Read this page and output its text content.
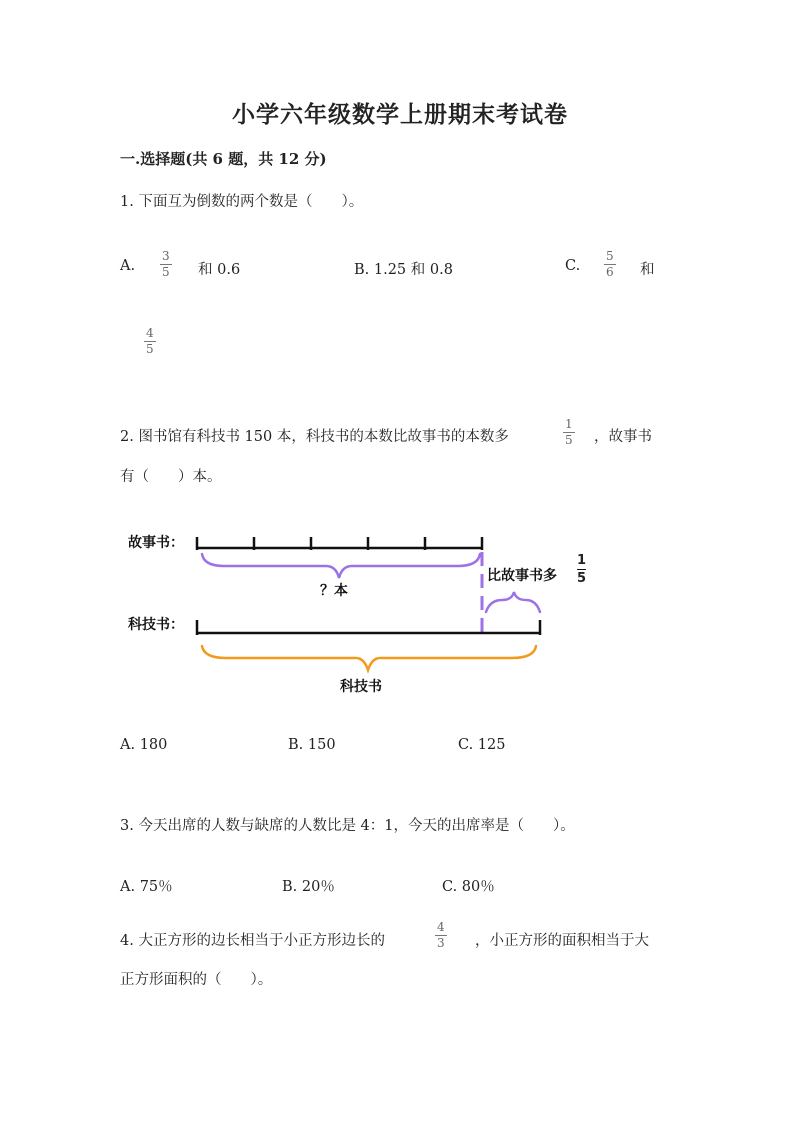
小学六年级数学上册期末考试卷
一.选择题(共 6 题，共 12 分)
1. 下面互为倒数的两个数是（　　）。
A. $\frac{3}{5}$ 和 0.6	B. 1.25 和 0.8	C. $\frac{5}{6}$ 和
$\frac{4}{5}$
2. 图书馆有科技书 150 本，科技书的本数比故事书的本数多	$\frac{1}{5}$ ，故事书
有（　　）本。
故事书：
科技书：
？本
比故事书多 $\frac{1}{5}$
科技书
A. 180	B. 150	C. 125
3. 今天出席的人数与缺席的人数比是 4：1，今天的出席率是（　　）。
A. 75％	B. 20％	C. 80％
4. 大正方形的边长相当于小正方形边长的	$\frac{4}{3}$ ，小正方形的面积相当于大
正方形面积的（　　）。
